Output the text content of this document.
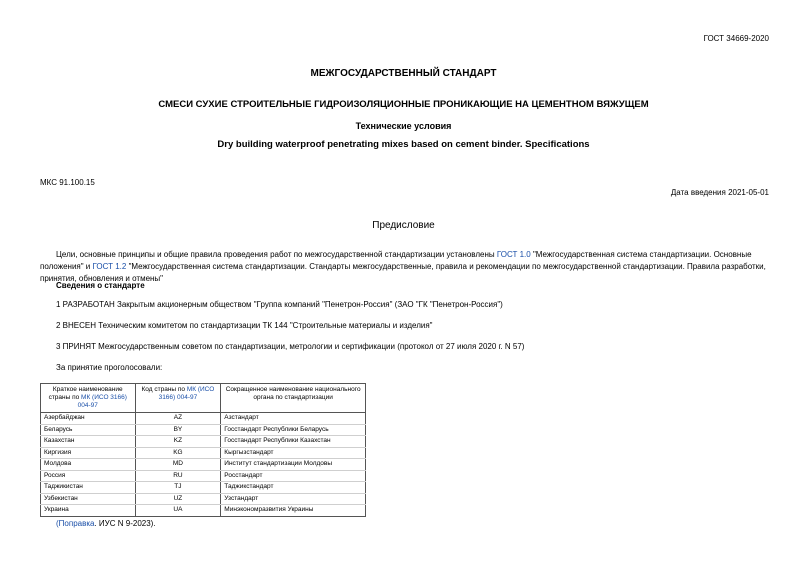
ГОСТ 34669-2020
МЕЖГОСУДАРСТВЕННЫЙ СТАНДАРТ
СМЕСИ СУХИЕ СТРОИТЕЛЬНЫЕ ГИДРОИЗОЛЯЦИОННЫЕ ПРОНИКАЮЩИЕ НА ЦЕМЕНТНОМ ВЯЖУЩЕМ
Технические условия
Dry building waterproof penetrating mixes based on cement binder. Specifications
МКС 91.100.15
Дата введения 2021-05-01
Предисловие
Цели, основные принципы и общие правила проведения работ по межгосударственной стандартизации установлены ГОСТ 1.0 "Межгосударственная система стандартизации. Основные положения" и ГОСТ 1.2 "Межгосударственная система стандартизации. Стандарты межгосударственные, правила и рекомендации по межгосударственной стандартизации. Правила разработки, принятия, обновления и отмены"
Сведения о стандарте
1 РАЗРАБОТАН Закрытым акционерным обществом "Группа компаний "Пенетрон-Россия" (ЗАО "ГК "Пенетрон-Россия")
2 ВНЕСЕН Техническим комитетом по стандартизации ТК 144 "Строительные материалы и изделия"
3 ПРИНЯТ Межгосударственным советом по стандартизации, метрологии и сертификации (протокол от 27 июля 2020 г. N 57)
За принятие проголосовали:
Краткое наименование страны по МК (ИСО 3166) 004-97	Код страны по МК (ИСО 3166) 004-97	Сокращенное наименование национального органа по стандартизации
Азербайджан	AZ	Азстандарт
Беларусь	BY	Госстандарт Республики Беларусь
Казахстан	KZ	Госстандарт Республики Казахстан
Киргизия	KG	Кыргызстандарт
Молдова	MD	Институт стандартизации Молдовы
Россия	RU	Росстандарт
Таджикистан	TJ	Таджикстандарт
Узбекистан	UZ	Узстандарт
Украина	UA	Минэкономразвития Украины
(Поправка. ИУС N 9-2023).
